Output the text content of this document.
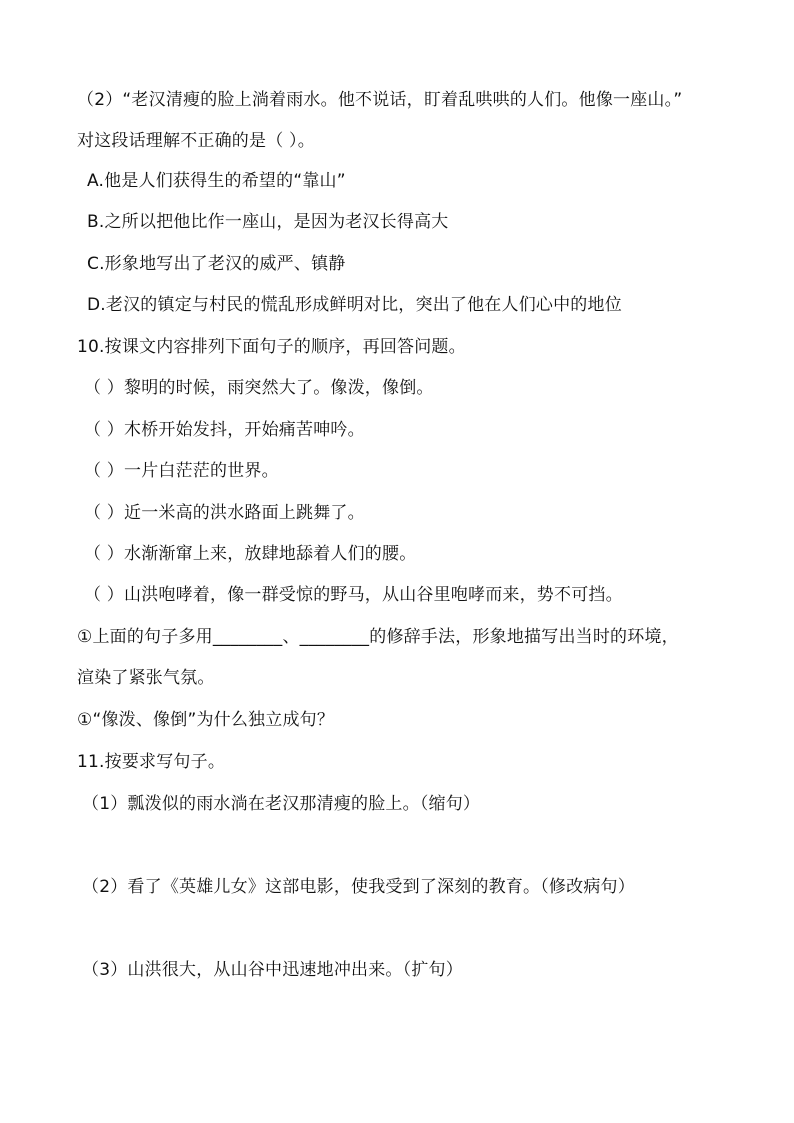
（2）“老汉清瘦的脸上淌着雨水。他不说话，盯着乱哄哄的人们。他像一座山。”
对这段话理解不正确的是（ ）。
A.他是人们获得生的希望的“靠山”
B.之所以把他比作一座山，是因为老汉长得高大
C.形象地写出了老汉的威严、镇静
D.老汉的镇定与村民的慌乱形成鲜明对比，突出了他在人们心中的地位
10.按课文内容排列下面句子的顺序，再回答问题。
（ ）黎明的时候，雨突然大了。像泼，像倒。
（ ）木桥开始发抖，开始痛苦呻吟。
（ ）一片白茫茫的世界。
（ ）近一米高的洪水路面上跳舞了。
（ ）水渐渐窜上来，放肆地舔着人们的腰。
（ ）山洪咆哮着，像一群受惊的野马，从山谷里咆哮而来，势不可挡。
①上面的句子多用________、________的修辞手法，形象地描写出当时的环境，
渲染了紧张气氛。
①“像泼、像倒”为什么独立成句？
11.按要求写句子。
（1）瓢泼似的雨水淌在老汉那清瘦的脸上。（缩句）
（2）看了《英雄儿女》这部电影，使我受到了深刻的教育。（修改病句）
（3）山洪很大，从山谷中迅速地冲出来。（扩句）
